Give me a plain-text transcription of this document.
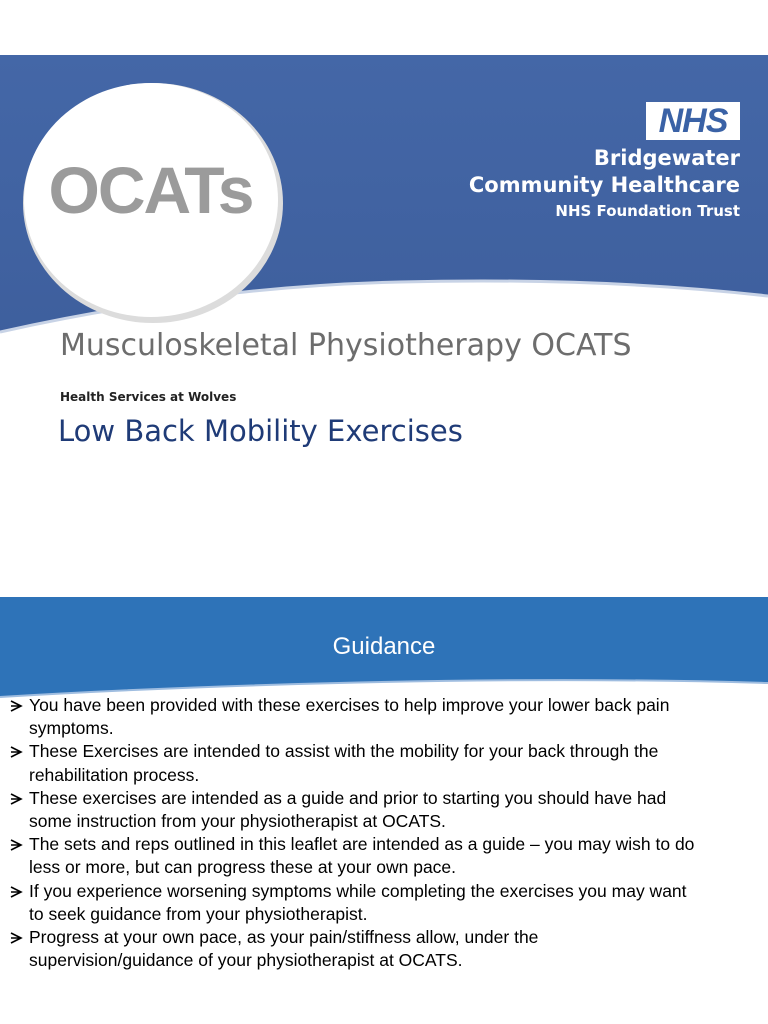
OCATs
NHS
Bridgewater
Community Healthcare
NHS Foundation Trust
Musculoskeletal Physiotherapy OCATS
Health Services at Wolves
Low Back Mobility Exercises
Guidance
You have been provided with these exercises to help improve your lower back pain
symptoms.
These Exercises are intended to assist with the mobility for your back through the
rehabilitation process.
These exercises are intended as a guide and prior to starting you should have had
some instruction from your physiotherapist at OCATS.
The sets and reps outlined in this leaflet are intended as a guide – you may wish to do
less or more, but can progress these at your own pace.
If you experience worsening symptoms while completing the exercises you may want
to seek guidance from your physiotherapist.
Progress at your own pace, as your pain/stiffness allow, under the
supervision/guidance of your physiotherapist at OCATS.
